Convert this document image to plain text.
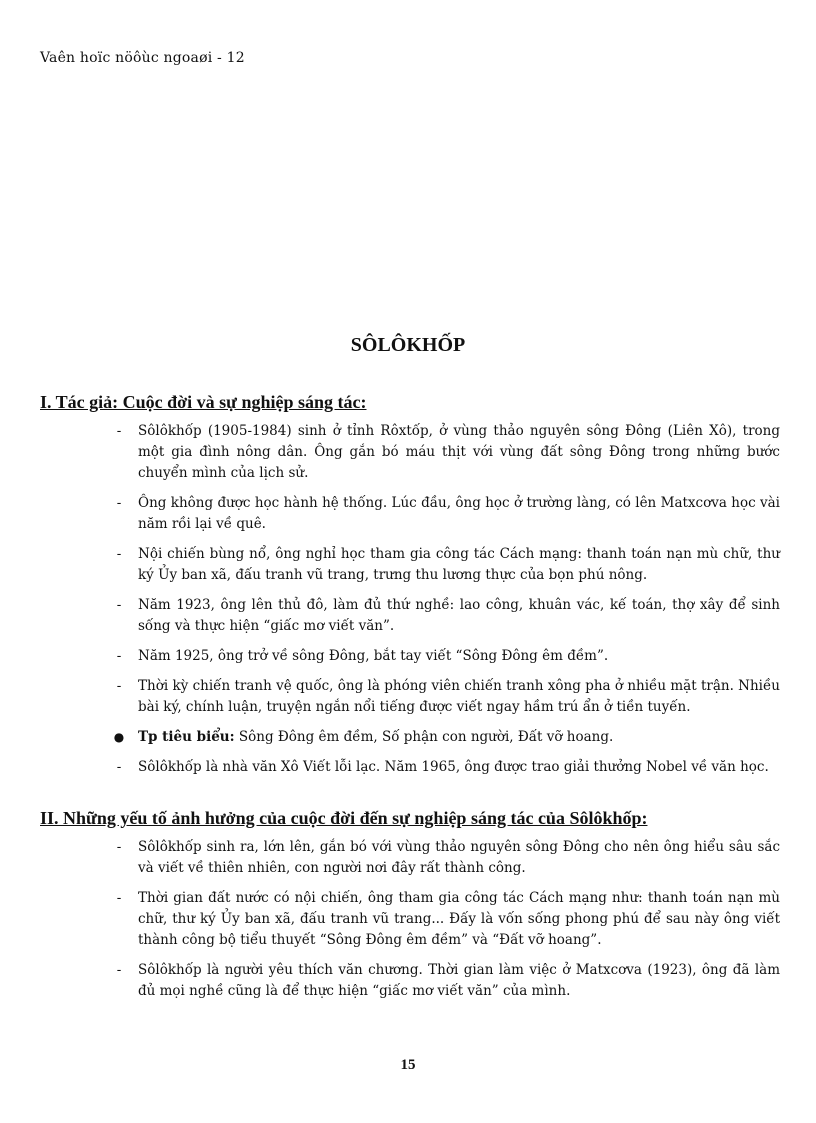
Vaên hoïc nöôùc ngoaøi - 12
SÔLÔKHỐP
I. Tác giả: Cuộc đời và sự nghiệp sáng tác:
-	Sôlôkhốp (1905-1984) sinh ở tỉnh Rôxtốp, ở vùng thảo nguyên sông Đông (Liên Xô), trong một gia đình nông dân. Ông gắn bó máu thịt với vùng đất sông Đông trong những bước chuyển mình của lịch sử.
-	Ông không được học hành hệ thống. Lúc đầu, ông học ở trường làng, có lên Matxcơva học vài năm rồi lại về quê.
-	Nội chiến bùng nổ, ông nghỉ học tham gia công tác Cách mạng: thanh toán nạn mù chữ, thư ký Ủy ban xã, đấu tranh vũ trang, trưng thu lương thực của bọn phú nông.
-	Năm 1923, ông lên thủ đô, làm đủ thứ nghề: lao công, khuân vác, kế toán, thợ xây để sinh sống và thực hiện “giấc mơ viết văn”.
-	Năm 1925, ông trở về sông Đông, bắt tay viết “Sông Đông êm đềm”.
-	Thời kỳ chiến tranh vệ quốc, ông là phóng viên chiến tranh xông pha ở nhiều mặt trận. Nhiều bài ký, chính luận, truyện ngắn nổi tiếng được viết ngay hầm trú ẩn ở tiền tuyến.
● Tp tiêu biểu: Sông Đông êm đềm, Số phận con người, Đất vỡ hoang.
-	Sôlôkhốp là nhà văn Xô Viết lỗi lạc. Năm 1965, ông được trao giải thưởng Nobel về văn học.
II. Những yếu tố ảnh hưởng của cuộc đời đến sự nghiệp sáng tác của Sôlôkhốp:
-	Sôlôkhốp sinh ra, lớn lên, gắn bó với vùng thảo nguyên sông Đông cho nên ông hiểu sâu sắc và viết về thiên nhiên, con người nơi đây rất thành công.
-	Thời gian đất nước có nội chiến, ông tham gia công tác Cách mạng như: thanh toán nạn mù chữ, thư ký Ủy ban xã, đấu tranh vũ trang... Đấy là vốn sống phong phú để sau này ông viết thành công bộ tiểu thuyết “Sông Đông êm đềm” và “Đất vỡ hoang”.
-	Sôlôkhốp là người yêu thích văn chương. Thời gian làm việc ở Matxcơva (1923), ông đã làm đủ mọi nghề cũng là để thực hiện “giấc mơ viết văn” của mình.
15
